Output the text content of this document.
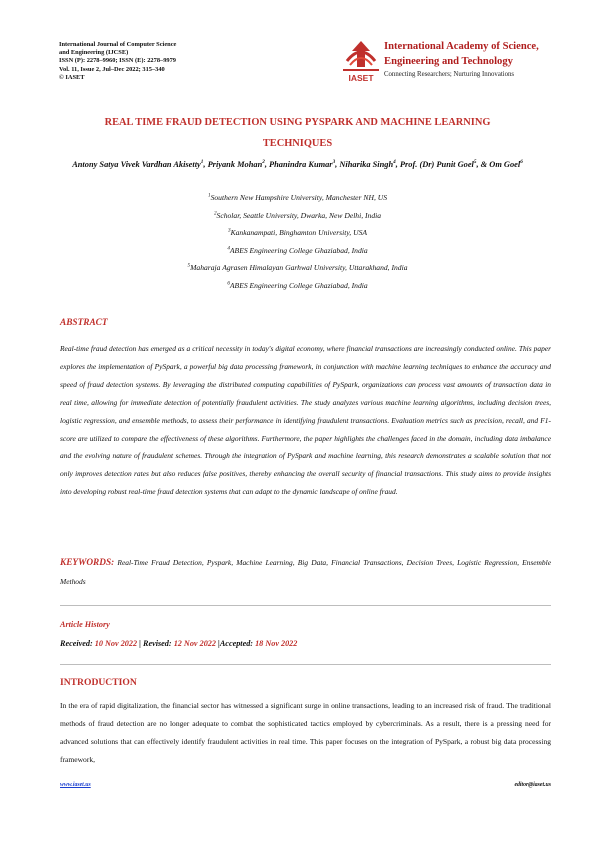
International Journal of Computer Science
and Engineering (IJCSE)
ISSN (P): 2278–9960; ISSN (E): 2278–9979
Vol. 11, Issue 2, Jul–Dec 2022; 315–340
© IASET	IASET
International Academy of Science,
Engineering and Technology
Connecting Researchers; Nurturing Innovations
REAL TIME FRAUD DETECTION USING PYSPARK AND MACHINE LEARNING
TECHNIQUES
Antony Satya Vivek Vardhan Akisetty$^1$, Priyank Mohan$^2$, Phanindra Kumar$^3$, Niharika Singh$^4$, Prof. (Dr) Punit Goel$^5$, & Om Goel$^6$
$^1$Southern New Hampshire University, Manchester NH, US
$^2$Scholar, Seattle University, Dwarka, New Delhi, India
$^3$Kankanampati, Binghamton University, USA
$^4$ABES Engineering College Ghaziabad, India
$^5$Maharaja Agrasen Himalayan Garhwal University, Uttarakhand, India
$^6$ABES Engineering College Ghaziabad, India
ABSTRACT
Real-time fraud detection has emerged as a critical necessity in today's digital economy, where financial transactions are increasingly conducted online. This paper explores the implementation of PySpark, a powerful big data processing framework, in conjunction with machine learning techniques to enhance the accuracy and speed of fraud detection systems. By leveraging the distributed computing capabilities of PySpark, organizations can process vast amounts of transaction data in real time, allowing for immediate detection of potentially fraudulent activities. The study analyzes various machine learning algorithms, including decision trees, logistic regression, and ensemble methods, to assess their performance in identifying fraudulent transactions. Evaluation metrics such as precision, recall, and F1-score are utilized to compare the effectiveness of these algorithms. Furthermore, the paper highlights the challenges faced in the domain, including data imbalance and the evolving nature of fraudulent schemes. Through the integration of PySpark and machine learning, this research demonstrates a scalable solution that not only improves detection rates but also reduces false positives, thereby enhancing the overall security of financial transactions. This study aims to provide insights into developing robust real-time fraud detection systems that can adapt to the dynamic landscape of online fraud.
KEYWORDS: Real-Time Fraud Detection, Pyspark, Machine Learning, Big Data, Financial Transactions, Decision Trees, Logistic Regression, Ensemble Methods
Article History
Received: 10 Nov 2022 | Revised: 12 Nov 2022 |Accepted: 18 Nov 2022
INTRODUCTION
In the era of rapid digitalization, the financial sector has witnessed a significant surge in online transactions, leading to an increased risk of fraud. The traditional methods of fraud detection are no longer adequate to combat the sophisticated tactics employed by cybercriminals. As a result, there is a pressing need for advanced solutions that can effectively identify fraudulent activities in real time. This paper focuses on the integration of PySpark, a robust big data processing framework,
www.iaset.us	editor@iaset.us
